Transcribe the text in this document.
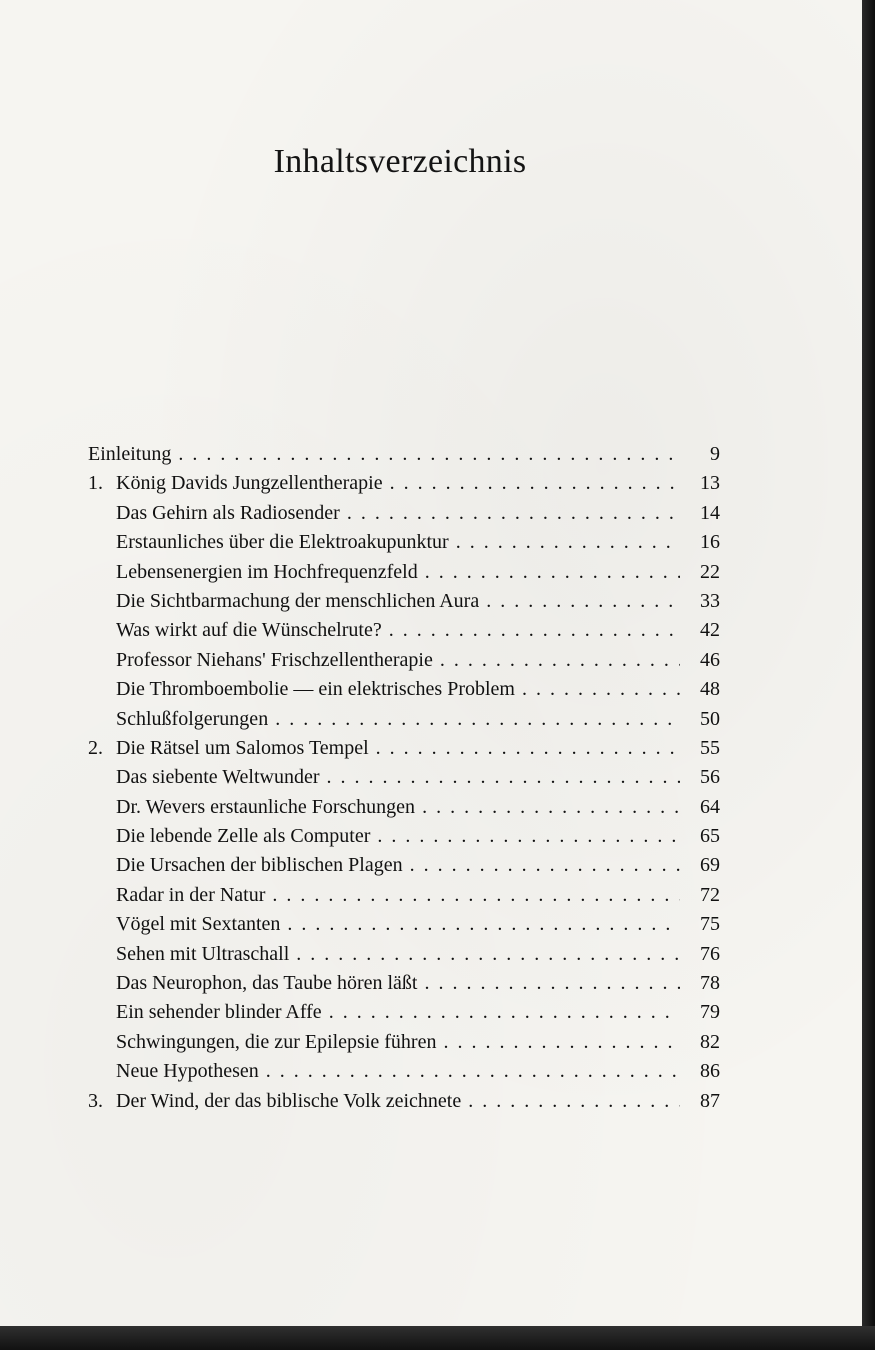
Inhaltsverzeichnis
Einleitung . . .	9
1. König Davids Jungzellentherapie . . .	13
Das Gehirn als Radiosender . . .	14
Erstaunliches über die Elektroakupunktur . . .	16
Lebensenergien im Hochfrequenzfeld . . .	22
Die Sichtbarmachung der menschlichen Aura . . .	33
Was wirkt auf die Wünschelrute? . . .	42
Professor Niehans' Frischzellentherapie . . .	46
Die Thromboembolie — ein elektrisches Problem . . .	48
Schlußfolgerungen . . .	50
2. Die Rätsel um Salomos Tempel . . .	55
Das siebente Weltwunder . . .	56
Dr. Wevers erstaunliche Forschungen . . .	64
Die lebende Zelle als Computer . . .	65
Die Ursachen der biblischen Plagen . . .	69
Radar in der Natur . . .	72
Vögel mit Sextanten . . .	75
Sehen mit Ultraschall . . .	76
Das Neurophon, das Taube hören läßt . . .	78
Ein sehender blinder Affe . . .	79
Schwingungen, die zur Epilepsie führen . . .	82
Neue Hypothesen . . .	86
3. Der Wind, der das biblische Volk zeichnete . . .	87
